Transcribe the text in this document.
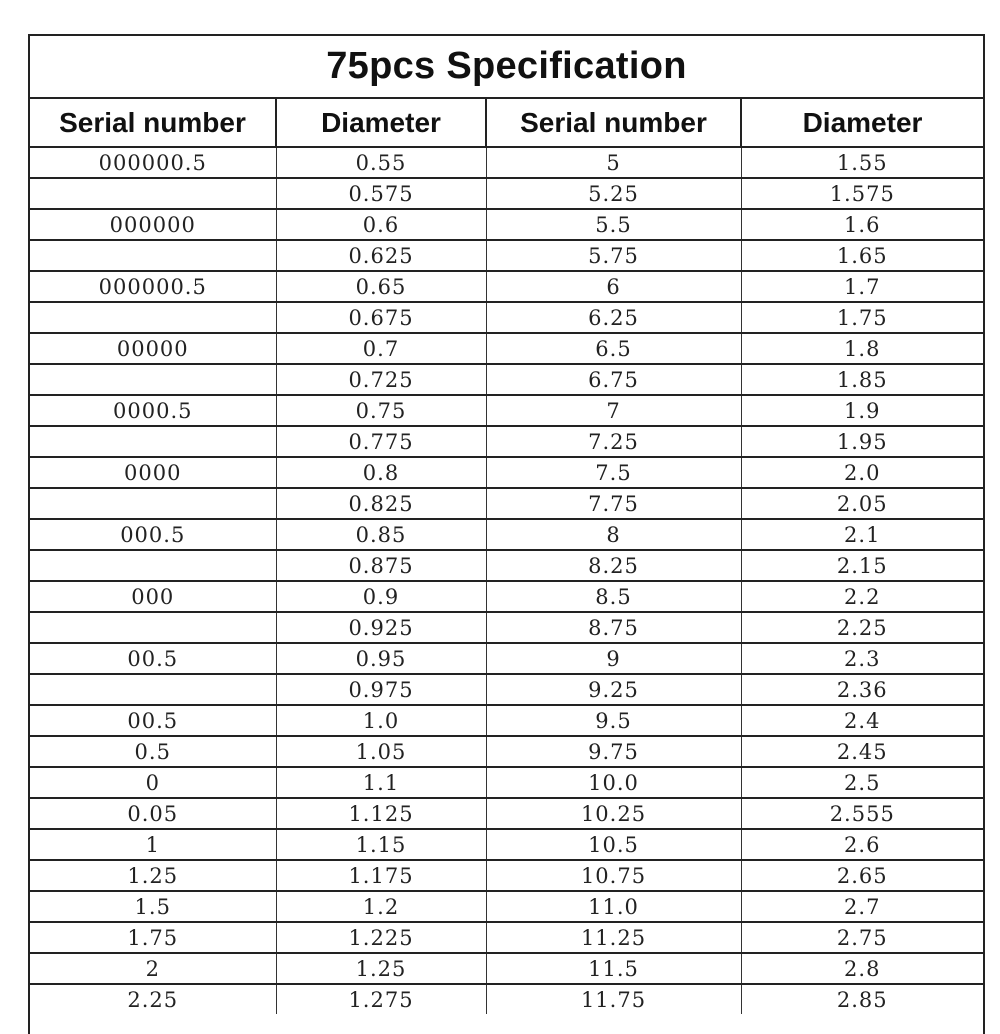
75pcs Specification
Serial number	Diameter	Serial number	Diameter
000000.5	0.55	5	1.55
	0.575	5.25	1.575
000000	0.6	5.5	1.6
	0.625	5.75	1.65
000000.5	0.65	6	1.7
	0.675	6.25	1.75
00000	0.7	6.5	1.8
	0.725	6.75	1.85
0000.5	0.75	7	1.9
	0.775	7.25	1.95
0000	0.8	7.5	2.0
	0.825	7.75	2.05
000.5	0.85	8	2.1
	0.875	8.25	2.15
000	0.9	8.5	2.2
	0.925	8.75	2.25
00.5	0.95	9	2.3
	0.975	9.25	2.36
00.5	1.0	9.5	2.4
0.5	1.05	9.75	2.45
0	1.1	10.0	2.5
0.05	1.125	10.25	2.555
1	1.15	10.5	2.6
1.25	1.175	10.75	2.65
1.5	1.2	11.0	2.7
1.75	1.225	11.25	2.75
2	1.25	11.5	2.8
2.25	1.275	11.75	2.85
